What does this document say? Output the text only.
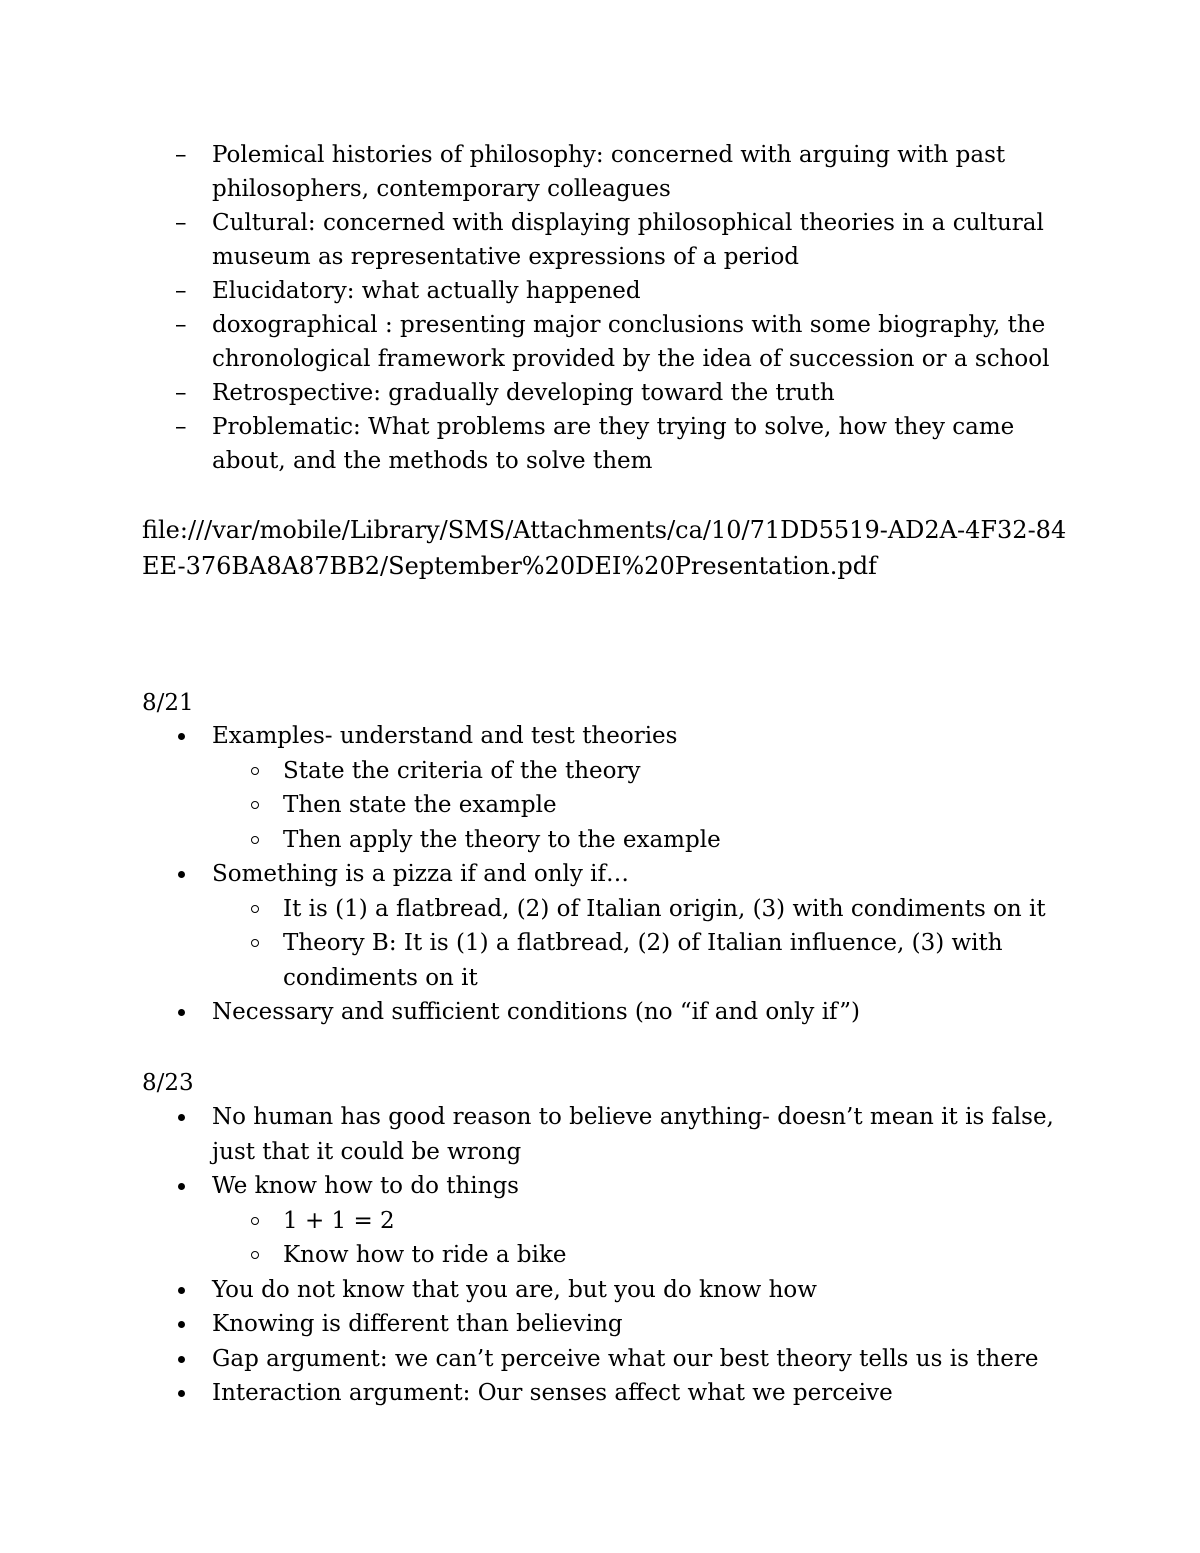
– Polemical histories of philosophy: concerned with arguing with past philosophers, contemporary colleagues
– Cultural: concerned with displaying philosophical theories in a cultural museum as representative expressions of a period
– Elucidatory: what actually happened
– doxographical : presenting major conclusions with some biography, the chronological framework provided by the idea of succession or a school
– Retrospective: gradually developing toward the truth
– Problematic: What problems are they trying to solve, how they came about, and the methods to solve them
file:///var/mobile/Library/SMS/Attachments/ca/10/71DD5519-AD2A-4F32-84EE-376BA8A87BB2/September%20DEI%20Presentation.pdf
8/21
Examples- understand and test theories
State the criteria of the theory
Then state the example
Then apply the theory to the example
Something is a pizza if and only if…
It is (1) a flatbread, (2) of Italian origin, (3) with condiments on it
Theory B: It is (1) a flatbread, (2) of Italian influence, (3) with condiments on it
Necessary and sufficient conditions (no “if and only if”)
8/23
No human has good reason to believe anything- doesn’t mean it is false, just that it could be wrong
We know how to do things
1 + 1 = 2
Know how to ride a bike
You do not know that you are, but you do know how
Knowing is different than believing
Gap argument: we can’t perceive what our best theory tells us is there
Interaction argument: Our senses affect what we perceive
